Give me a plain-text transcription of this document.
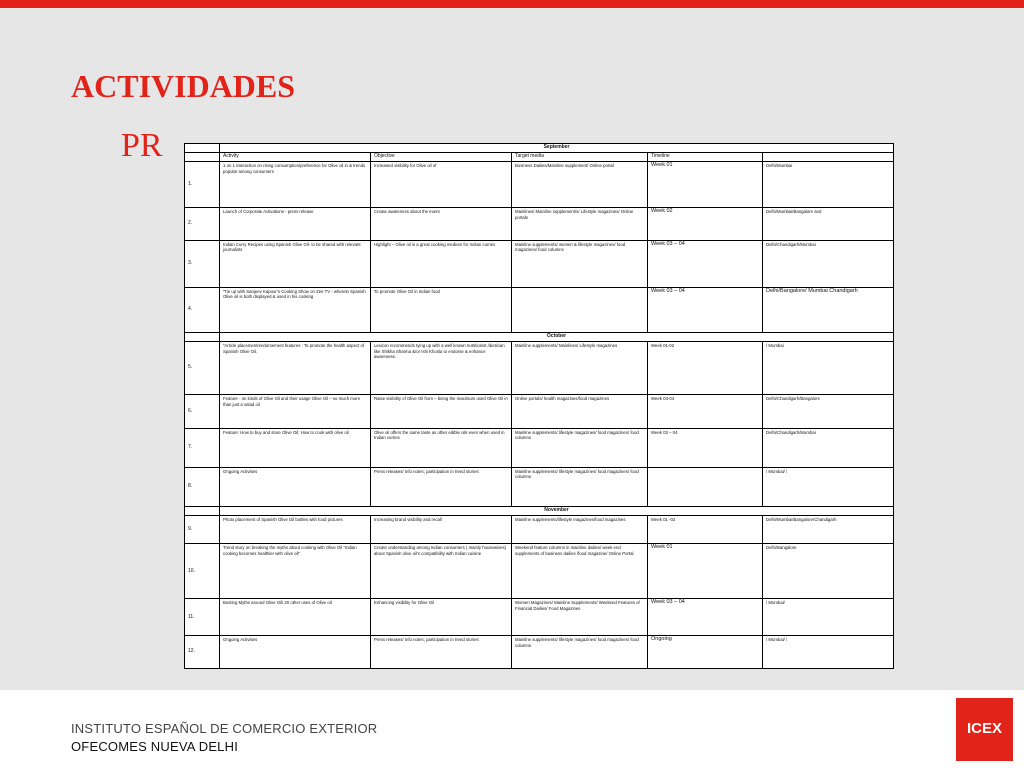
ACTIVIDADES
PR
		September				
	Activity	Objective	Target media	Timeline	
1.	1 on 1 interaction on rising consumption/preference for Olive oil in & trends popular among consumers	Increased visibility for Olive oil of	Business Dailies/Mainline supplement/ Online portal	Week 01	Delhi/Mumbai
2.	Launch of Corporate Activations - press release	Create awareness about the event	Mainlines/ Mainline supplement/s/ Lifestyle magazines/ Online portals	Week 02	Delhi/Mumbai/Bangalore and
3.	Indian Curry Recipes using Spanish Olive Oil- to be shared with relevant journalists	Highlight – Olive oil is a great cooking medium for Indian curries	Mainline supplements/ women & lifestyle magazines/ food magazines/ food columns	Week 03 – 04	Delhi/Chandigarh/Mumbai
4.	“Tie up with Sanjeev Kapoor’s Cooking Show on Zee TV - wherein Spanish Olive oil is both displayed & used in his cooking	To promote Olive Oil in Indian food		Week 03 – 04	Delhi/Bangalore/ Mumbai Chandigarh
	October				
5.	“Article placement/endorsement features : To promote the health aspect of Spanish Olive Oil.	Lexicon recommends tying up with a well known nutritionist /dietician like Shikha Sharma &/or Ishi Khosla to endorse & enhance awareness.	Mainline supplements/ Mainlines/ Lifestyle magazines	Week 01-02	/ Mumbai
6.	Feature - on kinds of Olive Oil and their usage Olive Oil – so much more than just a salad oil	Raise visibility of Olive Oil from – being the maximum used Olive Oil in	Online portals/ health magazines/food magazines	Week 03-04	Delhi/Chandigarh/Bangalore
7.	Feature: How to buy and store Olive Oil; How to cook with olive oil	Olive oil offers the same taste as other edible oils even when used in Indian curries	Mainline supplements/ lifestyle magazines/ food magazines/ food columns	Week 03 – 04	Delhi/Chandigarh/Mumbai
8.	Ongoing Activities	Press releases/ Info notes; participation in trend stories	Mainline supplements/ lifestyle magazines/ food magazines/ food columns		/ Mumbai/ /
	November				
9.	Photo placement of Spanish Olive Oil bottles with food pictures	Increasing brand visibility and recall	Mainline supplements/lifestyle magazines/food magazines	Week 01 -02	Delhi/Mumbai/Bangalore/Chandigarh
10.	Trend story on breaking the myths about cooking with Olive Oil “Indian cooking becomes healthier with olive oil”	Create understanding among Indian consumers ( mainly housewives) about Spanish olive oil’s compatibility with Indian cuisine	Weekend feature columns in mainline dailies/ week end supplements of business dailies /food magazine/ Online Portal	Week 01	Delhi/Bangalore
11.	Busting Myths around Olive Oil/ 20 other uses of Olive oil	Enhancing visibility for Olive Oil	Women Magazines/ Mainline Supplements/ Weekend Features of Financial Dailies/ Food Magazines	Week 03 – 04	/ Mumbai/
12.	Ongoing Activities	Press releases/ Info notes; participation in trend stories	Mainline supplements/ lifestyle magazines/ food magazines/ food columns	Ongoing	/ Mumbai/ /
INSTITUTO ESPAÑOL DE COMERCIO EXTERIOR
OFECOMES NUEVA DELHI
ICEX
